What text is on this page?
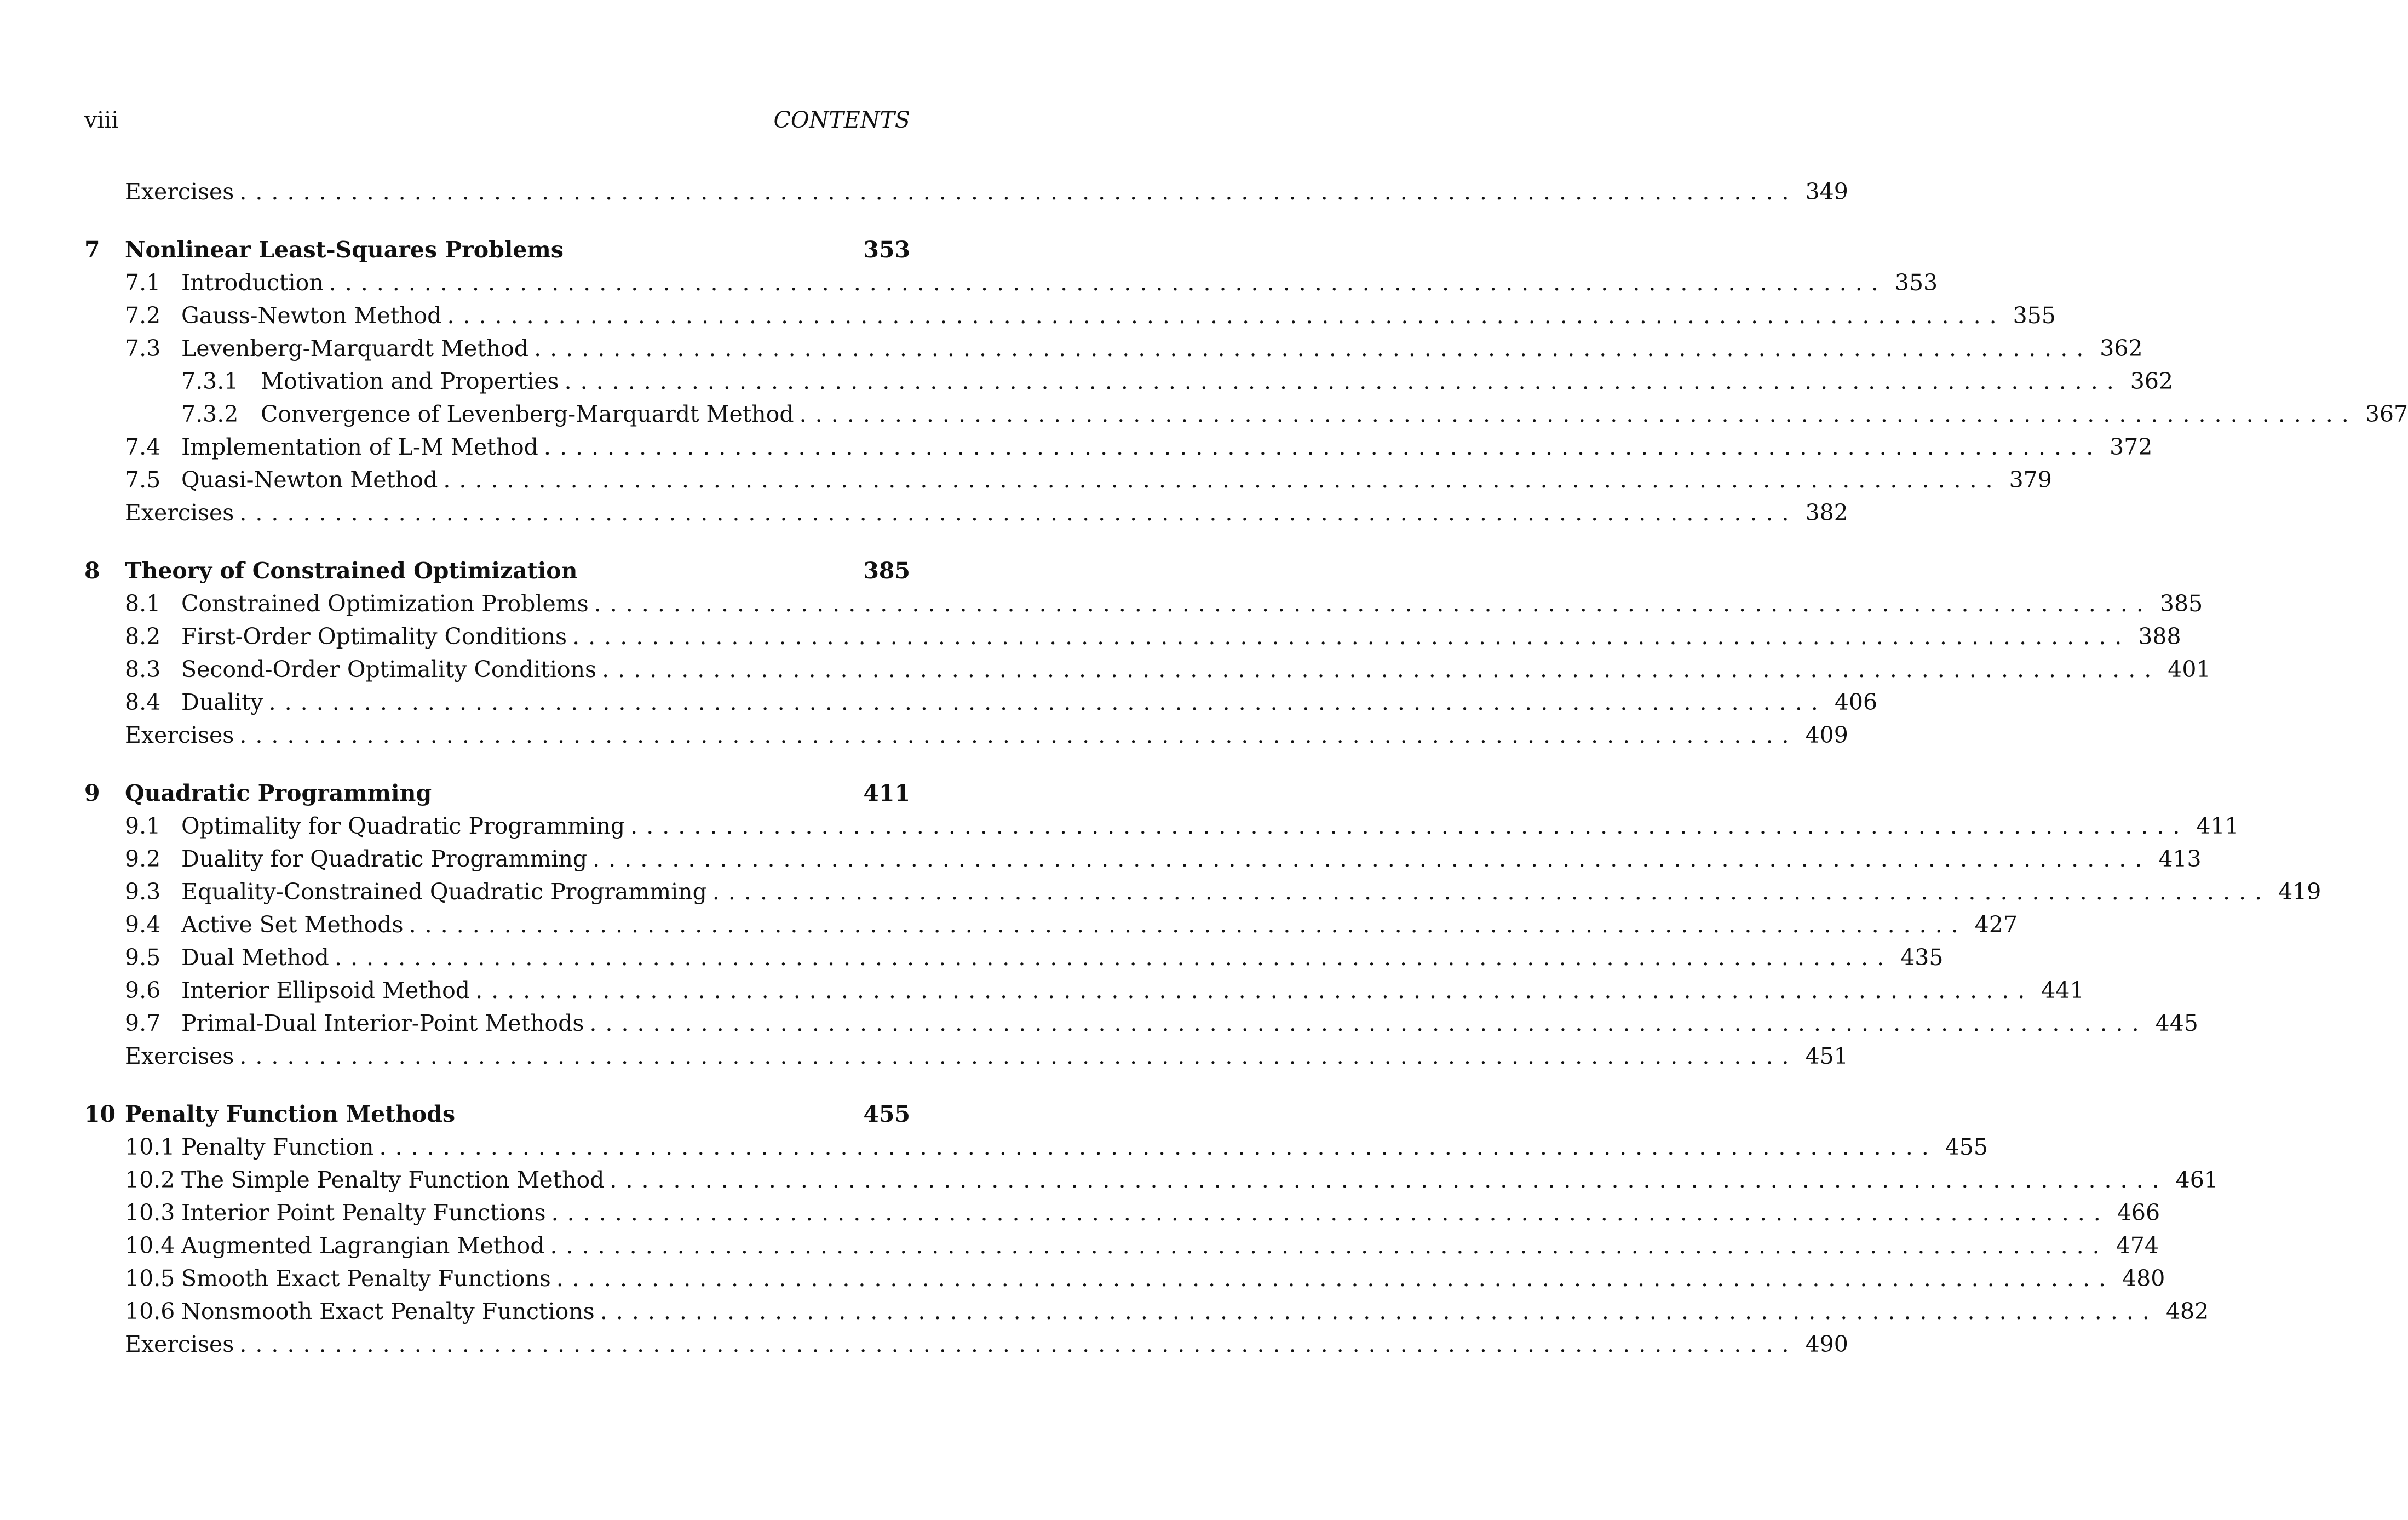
viii	CONTENTS
Exercises .................................................................................................. 349
7 Nonlinear Least-Squares Problems	353
7.1 Introduction .................................................................................................. 353
7.2 Gauss-Newton Method .................................................................................................. 355
7.3 Levenberg-Marquardt Method .................................................................................................. 362
7.3.1 Motivation and Properties .................................................................................................. 362
7.3.2 Convergence of Levenberg-Marquardt Method .................................................................................................. 367
7.4 Implementation of L-M Method .................................................................................................. 372
7.5 Quasi-Newton Method .................................................................................................. 379
Exercises .................................................................................................. 382
8 Theory of Constrained Optimization	385
8.1 Constrained Optimization Problems .................................................................................................. 385
8.2 First-Order Optimality Conditions .................................................................................................. 388
8.3 Second-Order Optimality Conditions .................................................................................................. 401
8.4 Duality .................................................................................................. 406
Exercises .................................................................................................. 409
9 Quadratic Programming	411
9.1 Optimality for Quadratic Programming .................................................................................................. 411
9.2 Duality for Quadratic Programming .................................................................................................. 413
9.3 Equality-Constrained Quadratic Programming .................................................................................................. 419
9.4 Active Set Methods .................................................................................................. 427
9.5 Dual Method .................................................................................................. 435
9.6 Interior Ellipsoid Method .................................................................................................. 441
9.7 Primal-Dual Interior-Point Methods .................................................................................................. 445
Exercises .................................................................................................. 451
10 Penalty Function Methods	455
10.1 Penalty Function .................................................................................................. 455
10.2 The Simple Penalty Function Method .................................................................................................. 461
10.3 Interior Point Penalty Functions .................................................................................................. 466
10.4 Augmented Lagrangian Method .................................................................................................. 474
10.5 Smooth Exact Penalty Functions .................................................................................................. 480
10.6 Nonsmooth Exact Penalty Functions .................................................................................................. 482
Exercises .................................................................................................. 490
